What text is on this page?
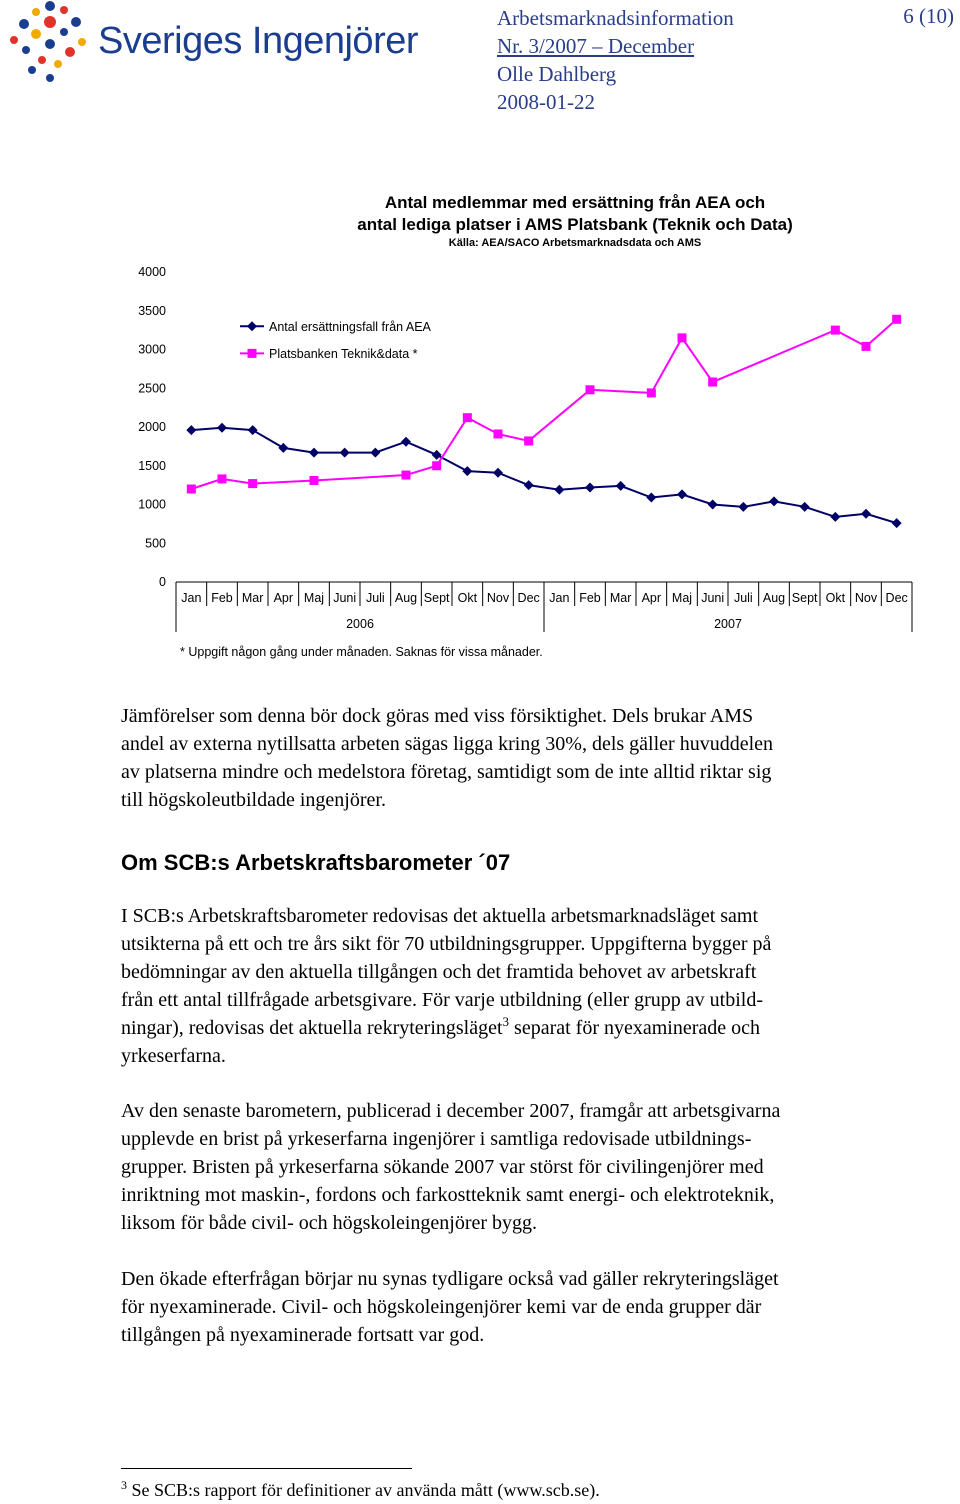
Sveriges Ingenjörer
Arbetsmarknadsinformation
Nr. 3/2007 – December
Olle Dahlberg
2008-01-22
6 (10)
Antal medlemmar med ersättning från AEA och
antal lediga platser i AMS Platsbank (Teknik och Data)
Källa: AEA/SACO Arbetsmarknadsdata och AMS
0
500
1000
1500
2000
2500
3000
3500
4000
Jan Feb Mar Apr Maj Juni Juli Aug Sept Okt Nov Dec Jan Feb Mar Apr Maj Juni Juli Aug Sept Okt Nov Dec
2006	2007
Antal ersättningsfall från AEA
Platsbanken Teknik&data *
* Uppgift någon gång under månaden. Saknas för vissa månader.
Jämförelser som denna bör dock göras med viss försiktighet. Dels brukar AMS
andel av externa nytillsatta arbeten sägas ligga kring 30%, dels gäller huvuddelen
av platserna mindre och medelstora företag, samtidigt som de inte alltid riktar sig
till högskoleutbildade ingenjörer.
Om SCB:s Arbetskraftsbarometer ´07
I SCB:s Arbetskraftsbarometer redovisas det aktuella arbetsmarknadsläget samt
utsikterna på ett och tre års sikt för 70 utbildningsgrupper. Uppgifterna bygger på
bedömningar av den aktuella tillgången och det framtida behovet av arbetskraft
från ett antal tillfrågade arbetsgivare. För varje utbildning (eller grupp av utbild-
ningar), redovisas det aktuella rekryteringsläget$^3$ separat för nyexaminerade och
yrkeserfarna.
Av den senaste barometern, publicerad i december 2007, framgår att arbetsgivarna
upplevde en brist på yrkeserfarna ingenjörer i samtliga redovisade utbildnings-
grupper. Bristen på yrkeserfarna sökande 2007 var störst för civilingenjörer med
inriktning mot maskin-, fordons och farkostteknik samt energi- och elektroteknik,
liksom för både civil- och högskoleingenjörer bygg.
Den ökade efterfrågan börjar nu synas tydligare också vad gäller rekryteringsläget
för nyexaminerade. Civil- och högskoleingenjörer kemi var de enda grupper där
tillgången på nyexaminerade fortsatt var god.
$^3$ Se SCB:s rapport för definitioner av använda mått (www.scb.se).
